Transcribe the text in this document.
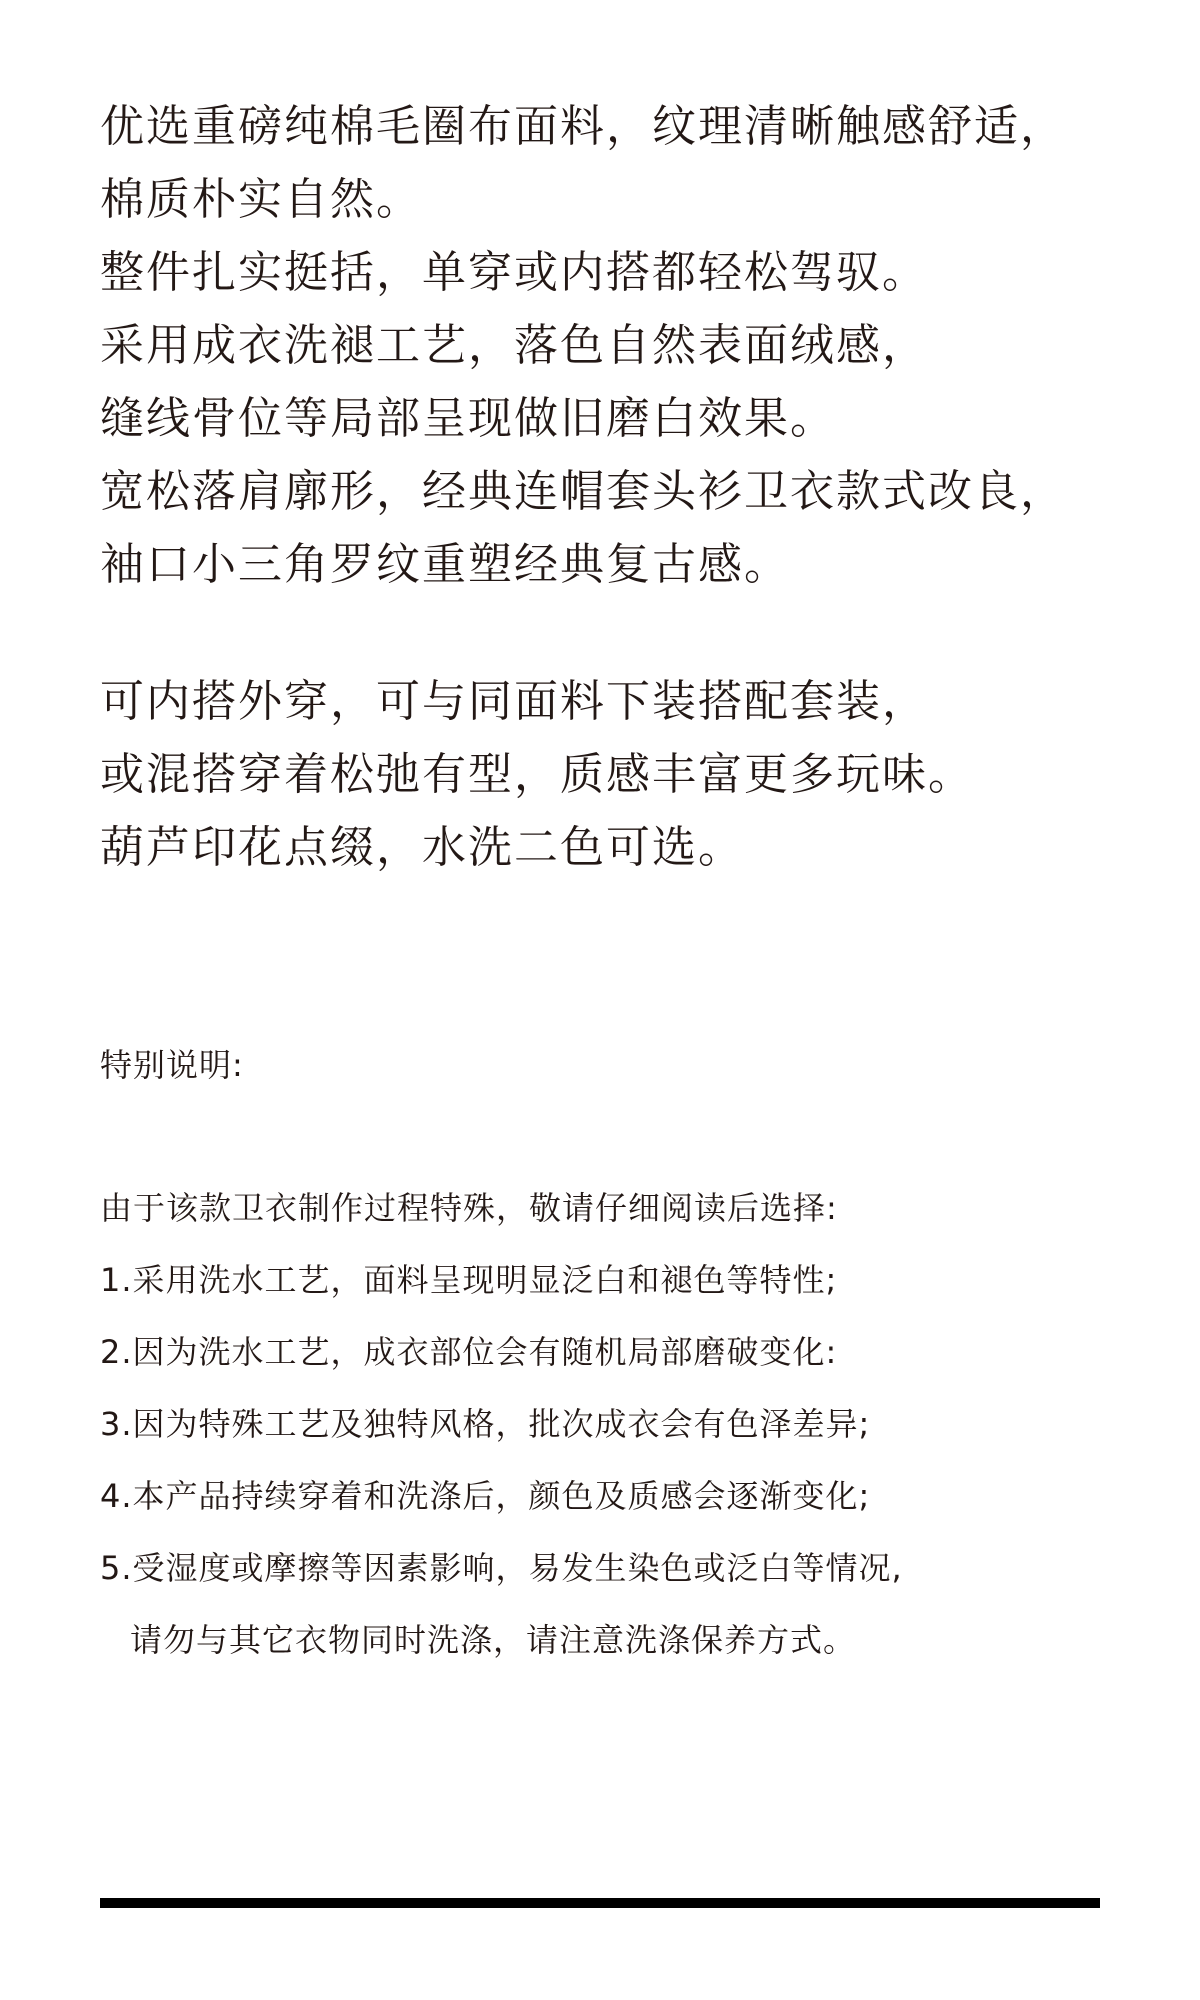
优选重磅纯棉毛圈布面料，纹理清晰触感舒适，
棉质朴实自然。
整件扎实挺括，单穿或内搭都轻松驾驭。
采用成衣洗褪工艺，落色自然表面绒感，
缝线骨位等局部呈现做旧磨白效果。
宽松落肩廓形，经典连帽套头衫卫衣款式改良，
袖口小三角罗纹重塑经典复古感。
可内搭外穿，可与同面料下装搭配套装，
或混搭穿着松弛有型，质感丰富更多玩味。
葫芦印花点缀，水洗二色可选。
特别说明:
由于该款卫衣制作过程特殊，敬请仔细阅读后选择:
1.采用洗水工艺，面料呈现明显泛白和褪色等特性;
2.因为洗水工艺，成衣部位会有随机局部磨破变化:
3.因为特殊工艺及独特风格，批次成衣会有色泽差异;
4.本产品持续穿着和洗涤后，颜色及质感会逐渐变化;
5.受湿度或摩擦等因素影响，易发生染色或泛白等情况,
请勿与其它衣物同时洗涤，请注意洗涤保养方式。
